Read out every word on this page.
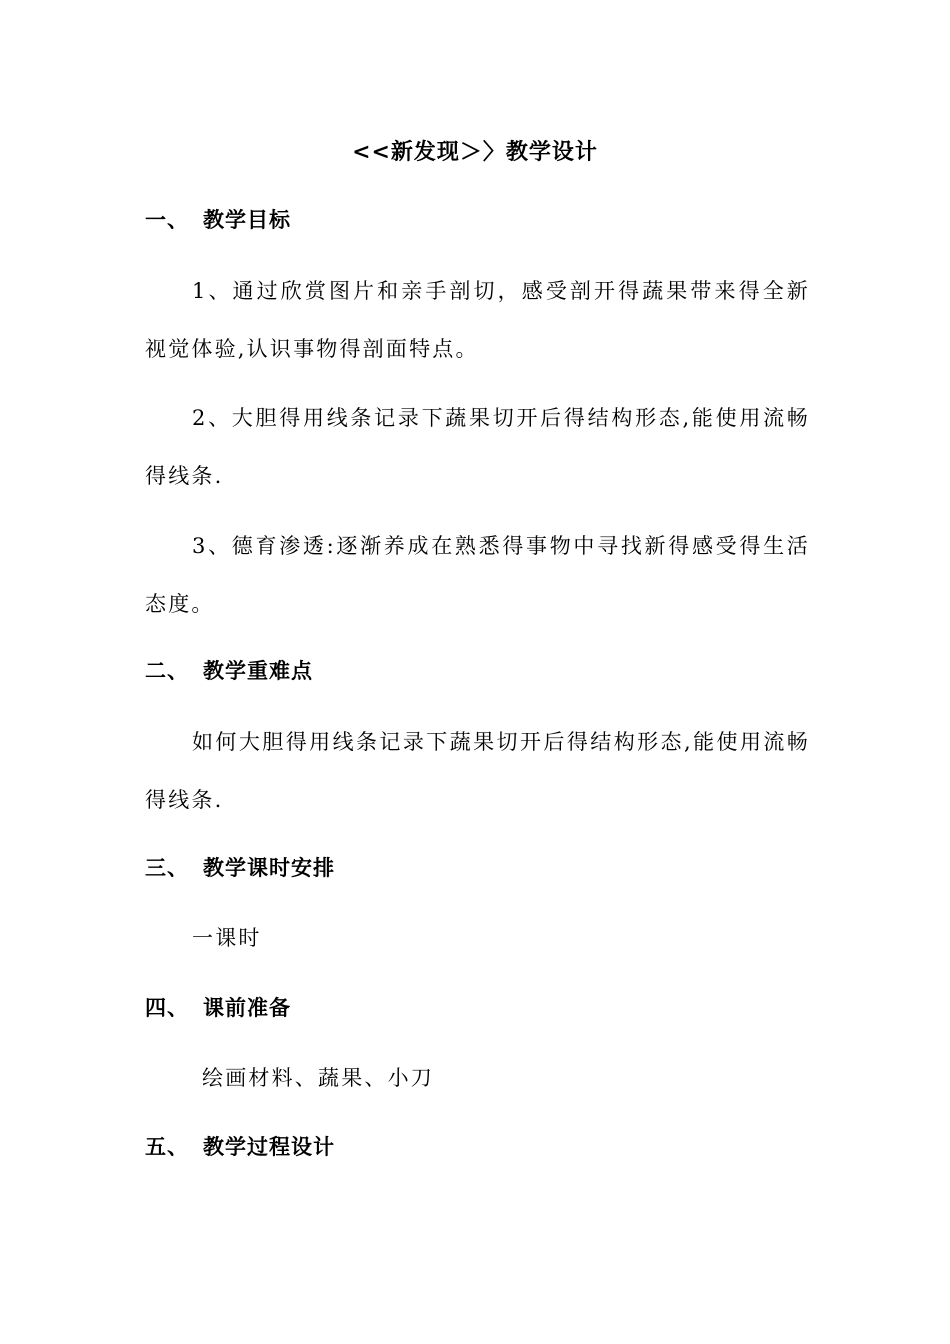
<<新发现＞〉教学设计
一、 教学目标
1、通过欣赏图片和亲手剖切，感受剖开得蔬果带来得全新视觉体验,认识事物得剖面特点。
2、大胆得用线条记录下蔬果切开后得结构形态,能使用流畅得线条.
3、德育渗透:逐渐养成在熟悉得事物中寻找新得感受得生活态度。
二、 教学重难点
如何大胆得用线条记录下蔬果切开后得结构形态,能使用流畅得线条.
三、 教学课时安排
一课时
四、 课前准备
绘画材料、蔬果、小刀
五、 教学过程设计
